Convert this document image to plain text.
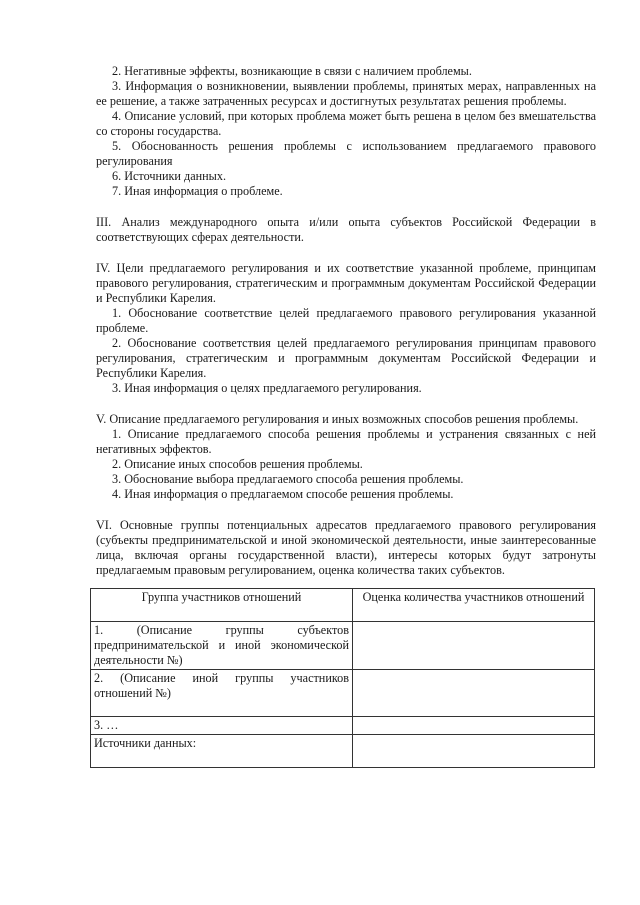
2. Негативные эффекты, возникающие в связи с наличием проблемы.

3. Информация о возникновении, выявлении проблемы, принятых мерах, направленных на ее решение, а также затраченных ресурсах и достигнутых результатах решения проблемы.

4. Описание условий, при которых проблема может быть решена в целом без вмешательства со стороны государства.

5. Обоснованность решения проблемы с использованием предлагаемого правового регулирования

6. Источники данных.

7. Иная информация о проблеме.

III. Анализ международного опыта и/или опыта субъектов Российской Федерации в соответствующих сферах деятельности.

IV. Цели предлагаемого регулирования и их соответствие указанной проблеме, принципам правового регулирования, стратегическим и программным документам Российской Федерации и Республики Карелия.

1. Обоснование соответствие целей предлагаемого правового регулирования указанной проблеме.

2. Обоснование соответствия целей предлагаемого регулирования принципам правового регулирования, стратегическим и программным документам Российской Федерации и Республики Карелия.

3. Иная информация о целях предлагаемого регулирования.

V. Описание предлагаемого регулирования и иных возможных способов решения проблемы.

1. Описание предлагаемого способа решения проблемы и устранения связанных с ней негативных эффектов.

2. Описание иных способов решения проблемы.

3. Обоснование выбора предлагаемого способа решения проблемы.

4. Иная информация о предлагаемом способе решения проблемы.

VI. Основные группы потенциальных адресатов предлагаемого правового регулирования (субъекты предпринимательской и иной экономической деятельности, иные заинтересованные лица, включая органы государственной власти), интересы которых будут затронуты предлагаемым правовым регулированием, оценка количества таких субъектов.

Группа участников отношений	Оценка количества участников отношений
1. (Описание группы субъектов предпринимательской и иной экономической деятельности №)	
2. (Описание иной группы участников отношений №)	
3. …	
Источники данных:	
